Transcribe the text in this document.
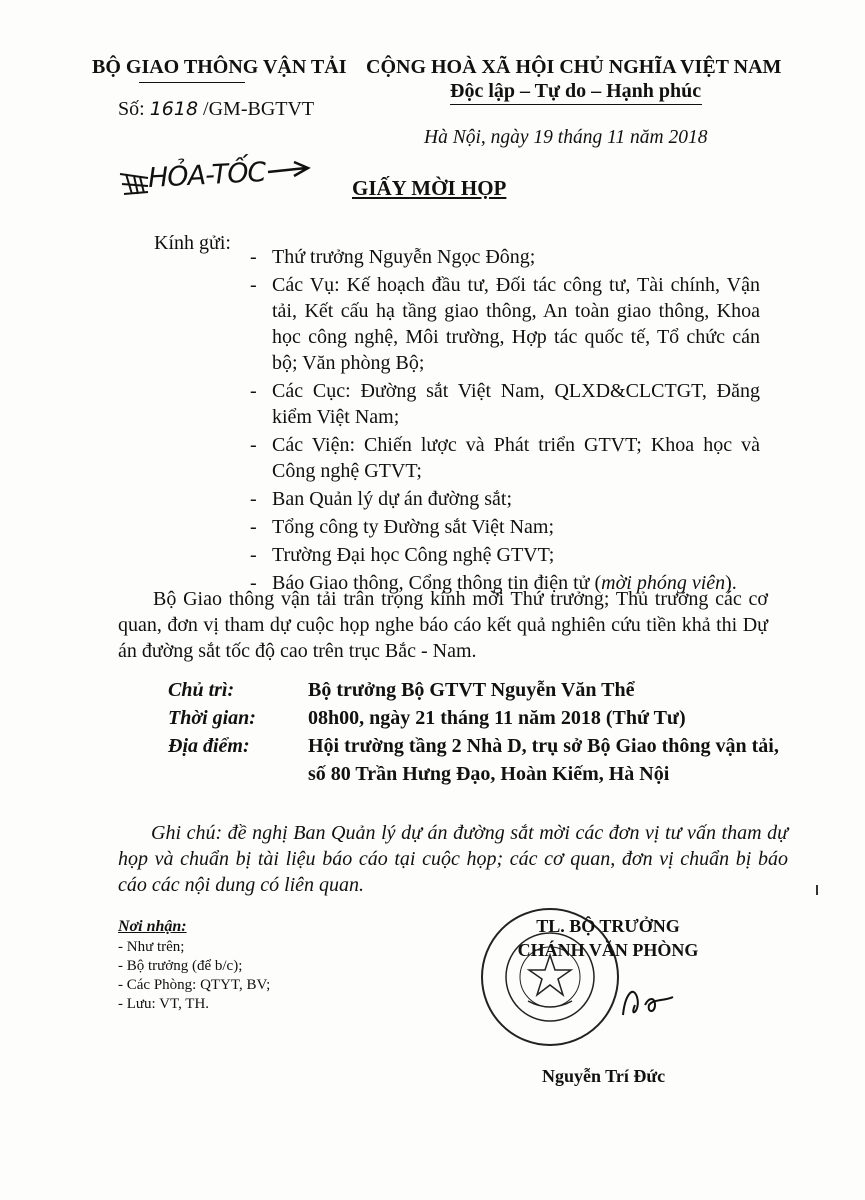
BỘ GIAO THÔNG VẬN TẢI
Số: 1618 /GM-BGTVT
CỘNG HOÀ XÃ HỘI CHỦ NGHĨA VIỆT NAM
Độc lập – Tự do – Hạnh phúc
Hà Nội, ngày 19 tháng 11 năm 2018
HỎA-TỐC	GIẤY MỜI HỌP
Kính gửi:
- Thứ trưởng Nguyễn Ngọc Đông;
- Các Vụ: Kế hoạch đầu tư, Đối tác công tư, Tài chính, Vận tải, Kết cấu hạ tầng giao thông, An toàn giao thông, Khoa học công nghệ, Môi trường, Hợp tác quốc tế, Tổ chức cán bộ; Văn phòng Bộ;
- Các Cục: Đường sắt Việt Nam, QLXD&CLCTGT, Đăng kiểm Việt Nam;
- Các Viện: Chiến lược và Phát triển GTVT; Khoa học và Công nghệ GTVT;
- Ban Quản lý dự án đường sắt;
- Tổng công ty Đường sắt Việt Nam;
- Trường Đại học Công nghệ GTVT;
- Báo Giao thông, Cổng thông tin điện tử (mời phóng viên).

Bộ Giao thông vận tải trân trọng kính mời Thứ trưởng; Thủ trưởng các cơ quan, đơn vị tham dự cuộc họp nghe báo cáo kết quả nghiên cứu tiền khả thi Dự án đường sắt tốc độ cao trên trục Bắc - Nam.

Chủ trì:	Bộ trưởng Bộ GTVT Nguyễn Văn Thể
Thời gian:	08h00, ngày 21 tháng 11 năm 2018 (Thứ Tư)
Địa điểm:	Hội trường tầng 2 Nhà D, trụ sở Bộ Giao thông vận tải, số 80 Trần Hưng Đạo, Hoàn Kiếm, Hà Nội

Ghi chú: đề nghị Ban Quản lý dự án đường sắt mời các đơn vị tư vấn tham dự họp và chuẩn bị tài liệu báo cáo tại cuộc họp; các cơ quan, đơn vị chuẩn bị báo cáo các nội dung có liên quan.

Nơi nhận:
- Như trên;
- Bộ trưởng (để b/c);
- Các Phòng: QTYT, BV;
- Lưu: VT, TH.
TL. BỘ TRƯỞNG
CHÁNH VĂN PHÒNG
Nguyễn Trí Đức
